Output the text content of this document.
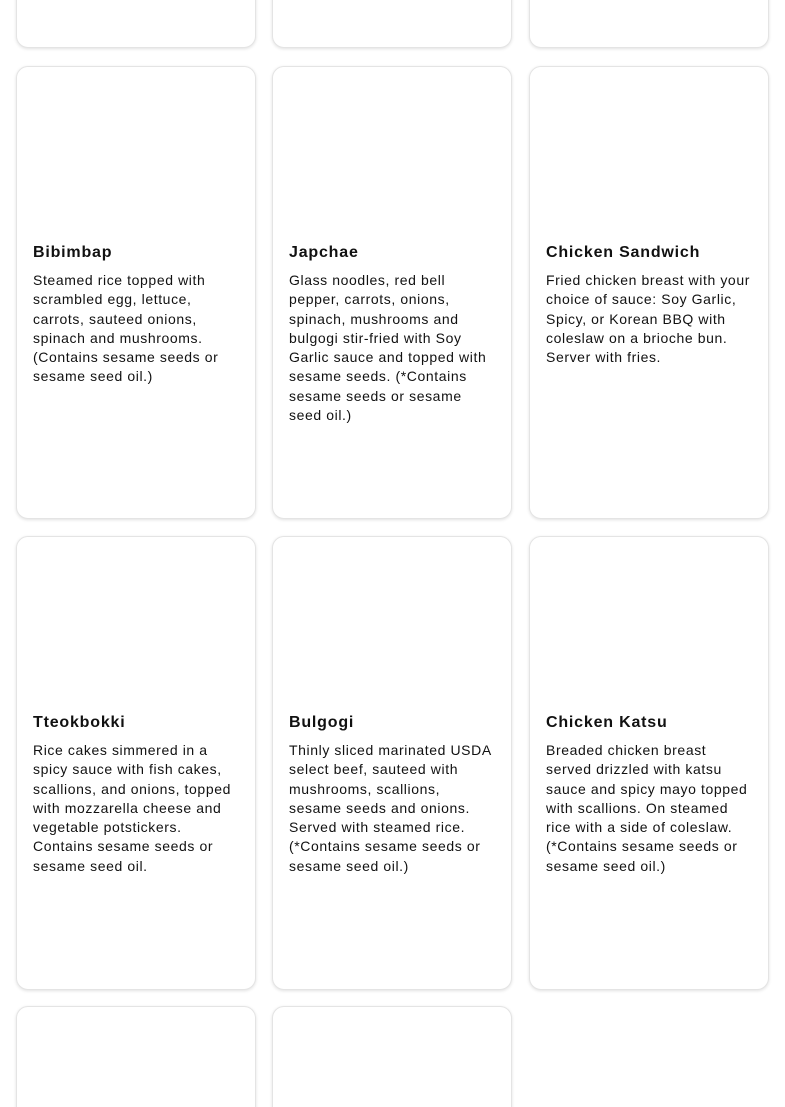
Bibimbap

Steamed rice topped with scrambled egg, lettuce, carrots, sauteed onions, spinach and mushrooms. (Contains sesame seeds or sesame seed oil.)

Japchae

Glass noodles, red bell pepper, carrots, onions, spinach, mushrooms and bulgogi stir-fried with Soy Garlic sauce and topped with sesame seeds. (*Contains sesame seeds or sesame seed oil.)

Chicken Sandwich

Fried chicken breast with your choice of sauce: Soy Garlic, Spicy, or Korean BBQ with coleslaw on a brioche bun. Server with fries.

Tteokbokki

Rice cakes simmered in a spicy sauce with fish cakes, scallions, and onions, topped with mozzarella cheese and vegetable potstickers. Contains sesame seeds or sesame seed oil.

Bulgogi

Thinly sliced marinated USDA select beef, sauteed with mushrooms, scallions, sesame seeds and onions. Served with steamed rice. (*Contains sesame seeds or sesame seed oil.)

Chicken Katsu

Breaded chicken breast served drizzled with katsu sauce and spicy mayo topped with scallions. On steamed rice with a side of coleslaw. (*Contains sesame seeds or sesame seed oil.)
